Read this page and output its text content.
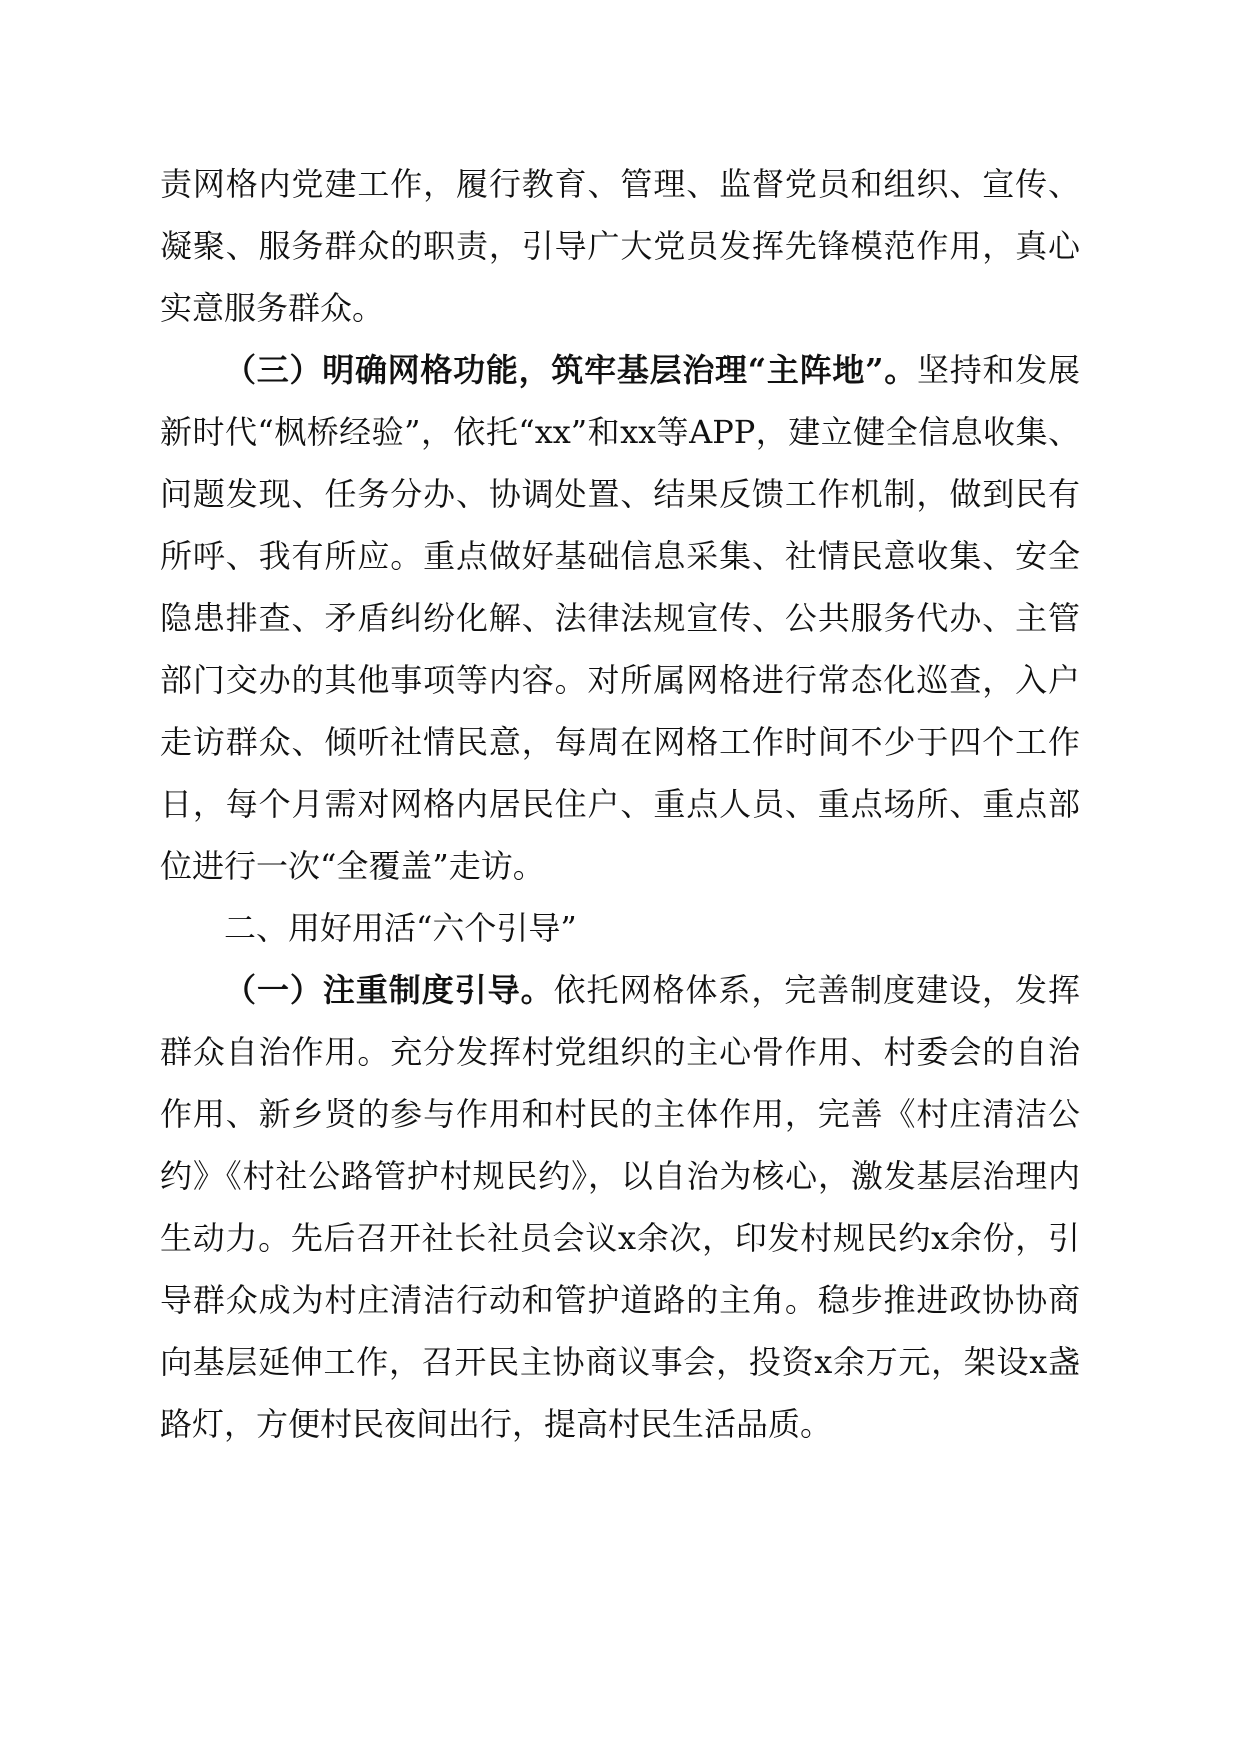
责网格内党建工作，履行教育、管理、监督党员和组织、宣传、凝聚、服务群众的职责，引导广大党员发挥先锋模范作用，真心实意服务群众。

（三）明确网格功能，筑牢基层治理“主阵地”。坚持和发展新时代“枫桥经验”，依托“xx”和xx等APP，建立健全信息收集、问题发现、任务分办、协调处置、结果反馈工作机制，做到民有所呼、我有所应。重点做好基础信息采集、社情民意收集、安全隐患排查、矛盾纠纷化解、法律法规宣传、公共服务代办、主管部门交办的其他事项等内容。对所属网格进行常态化巡查，入户走访群众、倾听社情民意，每周在网格工作时间不少于四个工作日，每个月需对网格内居民住户、重点人员、重点场所、重点部位进行一次“全覆盖”走访。

二、用好用活“六个引导”

（一）注重制度引导。依托网格体系，完善制度建设，发挥群众自治作用。充分发挥村党组织的主心骨作用、村委会的自治作用、新乡贤的参与作用和村民的主体作用，完善《村庄清洁公约》《村社公路管护村规民约》，以自治为核心，激发基层治理内生动力。先后召开社长社员会议x余次，印发村规民约x余份，引导群众成为村庄清洁行动和管护道路的主角。稳步推进政协协商向基层延伸工作，召开民主协商议事会，投资x余万元，架设x盏路灯，方便村民夜间出行，提高村民生活品质。
